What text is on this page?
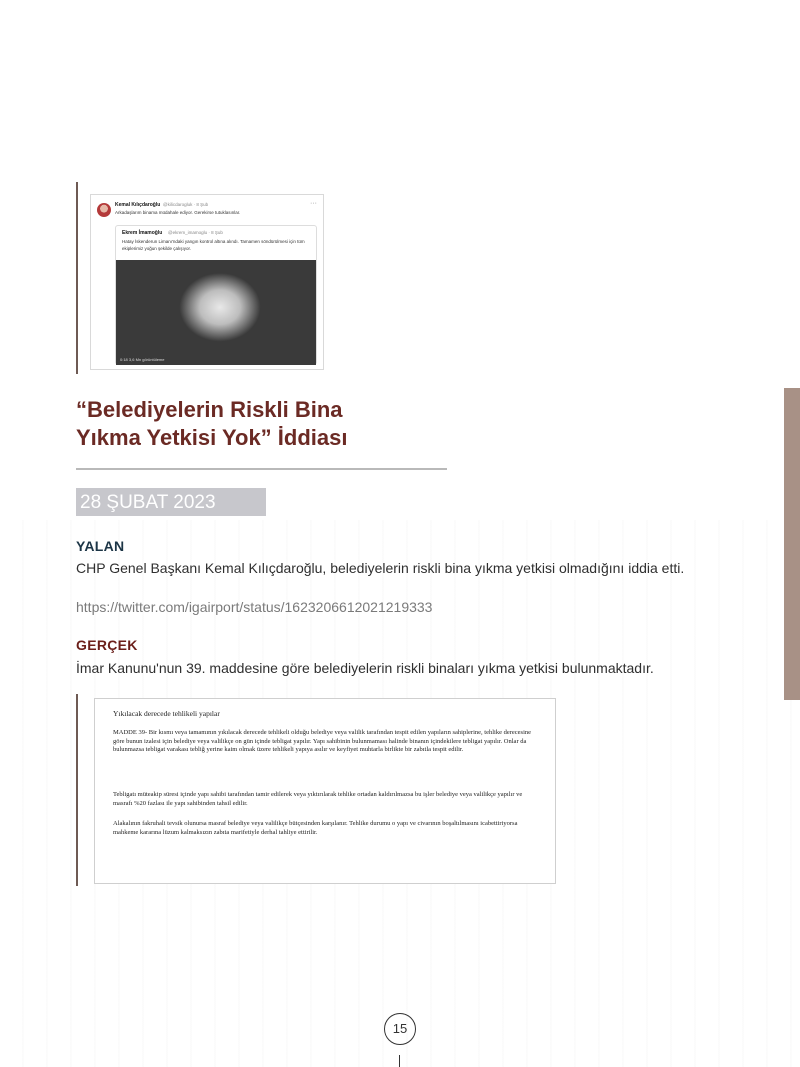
Kemal Kılıçdaroğlu @kilicdarogluk · 8 Şub	···
Arkadaşlarım binama müdahale ediyor. Gerekirse tutuklasınlar.
Ekrem İmamoğlu @ekrem_imamoglu · 8 Şub
Hatay İskenderun Limanı'ndaki yangın kontrol altına alındı. Tamamen söndürülmesi için tüm ekiplerimiz yoğun şekilde çalışıyor.
0:18 3,6 Mn görüntüleme
“Belediyelerin Riskli Bina
Yıkma Yetkisi Yok” İddiası
28 ŞUBAT 2023
YALAN
CHP Genel Başkanı Kemal Kılıçdaroğlu, belediyelerin riskli bina yıkma yetkisi olmadığını iddia etti.
https://twitter.com/igairport/status/1623206612021219333
GERÇEK
İmar Kanunu'nun 39. maddesine göre belediyelerin riskli binaları yıkma yetkisi bulunmaktadır.
Yıkılacak derecede tehlikeli yapılar

MADDE 39- Bir kısmı veya tamamının yıkılacak derecede tehlikeli olduğu belediye veya valilik tarafından tespit edilen yapıların sahiplerine, tehlike derecesine göre bunun izalesi için belediye veya valilikçe on gün içinde tebligat yapılır. Yapı sahibinin bulunmaması halinde binanın içindekilere tebligat yapılır. Onlar da bulunmazsa tebligat varakası tebliğ yerine kaim olmak üzere tehlikeli yapıya asılır ve keyfiyet muhtarla birlikte bir zabıtla tespit edilir.

Tebligatı müteakip süresi içinde yapı sahibi tarafından tamir edilerek veya yıktırılarak tehlike ortadan kaldırılmazsa bu işler belediye veya valilikçe yapılır ve masrafı %20 fazlası ile yapı sahibinden tahsil edilir.

Alakalının fakruhali tevsik olunursa masraf belediye veya valilikçe bütçesinden karşılanır. Tehlike durumu o yapı ve civarının boşaltılmasını icabettiriyorsa mahkeme kararına lüzum kalmaksızın zabıta marifetiyle derhal tahliye ettirilir.

15
